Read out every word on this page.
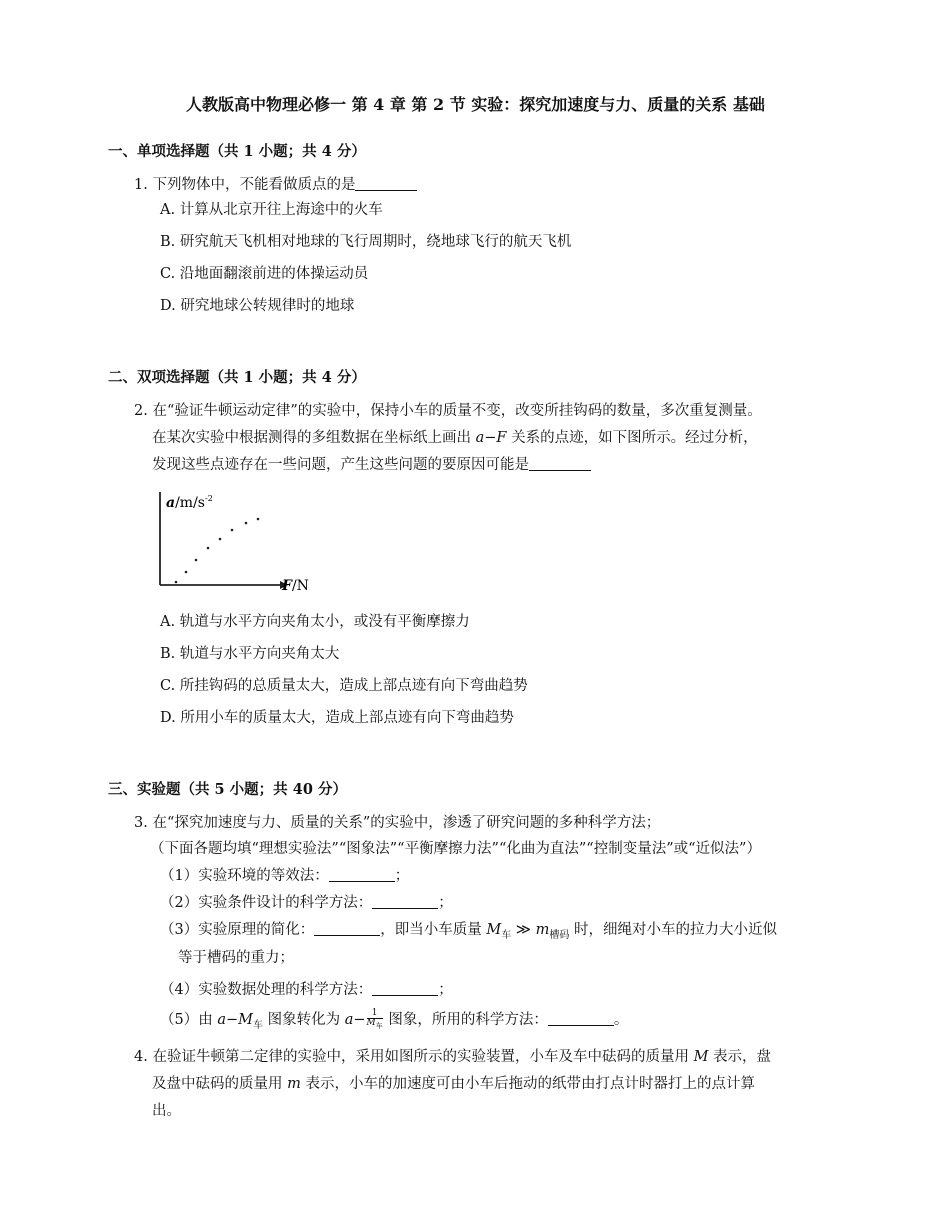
人教版高中物理必修一 第 4 章 第 2 节 实验：探究加速度与力、质量的关系 基础
一、单项选择题（共 1 小题；共 4 分）
1. 下列物体中，不能看做质点的是
A. 计算从北京开往上海途中的火车
B. 研究航天飞机相对地球的飞行周期时，绕地球飞行的航天飞机
C. 沿地面翻滚前进的体操运动员
D. 研究地球公转规律时的地球
二、双项选择题（共 1 小题；共 4 分）
2. 在“验证牛顿运动定律”的实验中，保持小车的质量不变，改变所挂钩码的数量，多次重复测量。
在某次实验中根据测得的多组数据在坐标纸上画出 a−F 关系的点迹，如下图所示。经过分析，
发现这些点迹存在一些问题，产生这些问题的要原因可能是
$a/m/s^{-2}$
F/N
A. 轨道与水平方向夹角太小，或没有平衡摩擦力
B. 轨道与水平方向夹角太大
C. 所挂钩码的总质量太大，造成上部点迹有向下弯曲趋势
D. 所用小车的质量太大，造成上部点迹有向下弯曲趋势
三、实验题（共 5 小题；共 40 分）
3. 在“探究加速度与力、质量的关系”的实验中，渗透了研究问题的多种科学方法；
（下面各题均填“理想实验法”“图象法”“平衡摩擦力法”“化曲为直法”“控制变量法”或“近似法”）
（1）实验环境的等效法：	；
（2）实验条件设计的科学方法：	；
（3）实验原理的简化：	，即当小车质量 $M_车$ ≫ $m_{槽码}$ 时，细绳对小车的拉力大小近似
等于槽码的重力；
（4）实验数据处理的科学方法：	；
（5）由 $a-M_车$ 图象转化为 $a- \frac{1}{M_车}$ 图象，所用的科学方法：	。
4. 在验证牛顿第二定律的实验中，采用如图所示的实验装置，小车及车中砝码的质量用 M 表示，盘
及盘中砝码的质量用 m 表示，小车的加速度可由小车后拖动的纸带由打点计时器打上的点计算
出。
